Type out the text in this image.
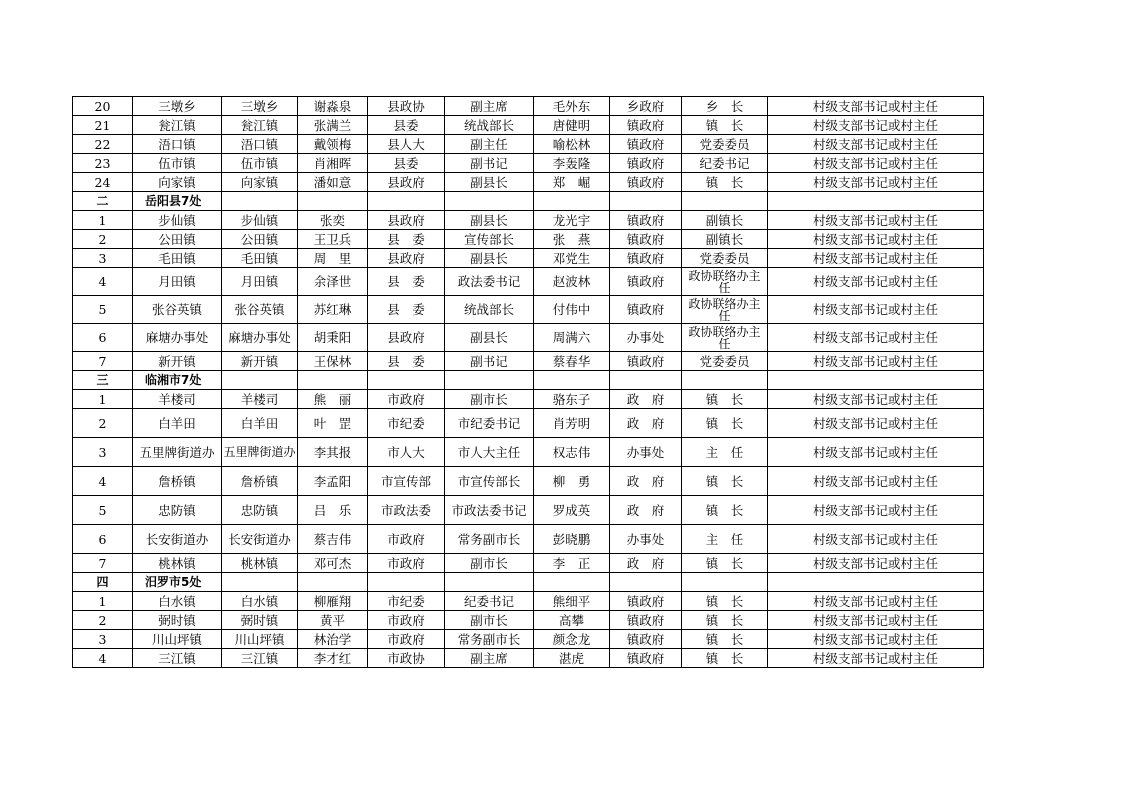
20	三墩乡	三墩乡	谢淼泉	县政协	副主席	毛外东	乡政府	乡　长	村级支部书记或村主任
21	瓮江镇	瓮江镇	张满兰	县委	统战部长	唐健明	镇政府	镇　长	村级支部书记或村主任
22	浯口镇	浯口镇	戴领梅	县人大	副主任	喻松林	镇政府	党委委员	村级支部书记或村主任
23	伍市镇	伍市镇	肖湘晖	县委	副书记	李轰隆	镇政府	纪委书记	村级支部书记或村主任
24	向家镇	向家镇	潘如意	县政府	副县长	郑　崛	镇政府	镇　长	村级支部书记或村主任
二	岳阳县7处								
1	步仙镇	步仙镇	张奕	县政府	副县长	龙光宇	镇政府	副镇长	村级支部书记或村主任
2	公田镇	公田镇	王卫兵	县　委	宣传部长	张　燕	镇政府	副镇长	村级支部书记或村主任
3	毛田镇	毛田镇	周　里	县政府	副县长	邓党生	镇政府	党委委员	村级支部书记或村主任
4	月田镇	月田镇	余泽世	县　委	政法委书记	赵波林	镇政府	政协联络办主任	村级支部书记或村主任
5	张谷英镇	张谷英镇	苏红琳	县　委	统战部长	付伟中	镇政府	政协联络办主任	村级支部书记或村主任
6	麻塘办事处	麻塘办事处	胡秉阳	县政府	副县长	周满六	办事处	政协联络办主任	村级支部书记或村主任
7	新开镇	新开镇	王保林	县　委	副书记	蔡春华	镇政府	党委委员	村级支部书记或村主任
三	临湘市7处								
1	羊楼司	羊楼司	熊　丽	市政府	副市长	骆东子	政　府	镇　长	村级支部书记或村主任
2	白羊田	白羊田	叶　罡	市纪委	市纪委书记	肖芳明	政　府	镇　长	村级支部书记或村主任
3	五里牌街道办	五里牌街道办	李其报	市人大	市人大主任	权志伟	办事处	主　任	村级支部书记或村主任
4	詹桥镇	詹桥镇	李孟阳	市宣传部	市宣传部长	柳　勇	政　府	镇　长	村级支部书记或村主任
5	忠防镇	忠防镇	吕　乐	市政法委	市政法委书记	罗成英	政　府	镇　长	村级支部书记或村主任
6	长安街道办	长安街道办	蔡吉伟	市政府	常务副市长	彭晓鹏	办事处	主　任	村级支部书记或村主任
7	桃林镇	桃林镇	邓可杰	市政府	副市长	李　正	政　府	镇　长	村级支部书记或村主任
四	汨罗市5处								
1	白水镇	白水镇	柳雁翔	市纪委	纪委书记	熊细平	镇政府	镇　长	村级支部书记或村主任
2	弼时镇	弼时镇	黄平	市政府	副市长	高攀	镇政府	镇　长	村级支部书记或村主任
3	川山坪镇	川山坪镇	林治学	市政府	常务副市长	颜念龙	镇政府	镇　长	村级支部书记或村主任
4	三江镇	三江镇	李才红	市政协	副主席	湛虎	镇政府	镇　长	村级支部书记或村主任
